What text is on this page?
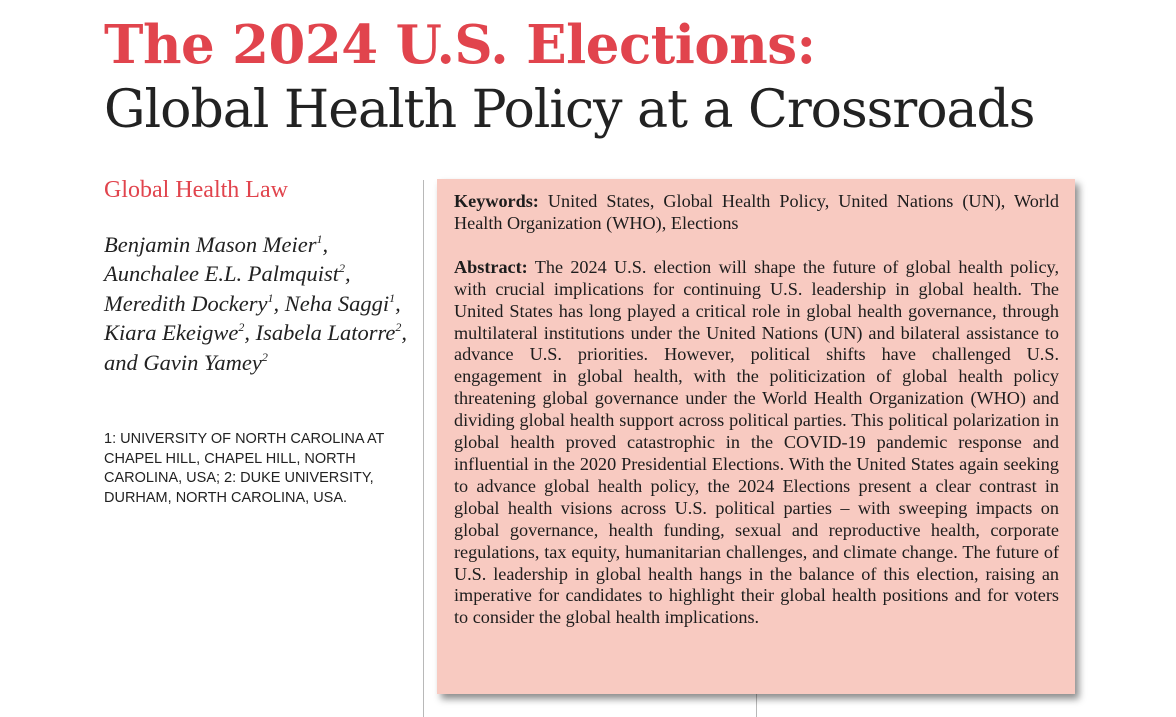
The 2024 U.S. Elections:
Global Health Policy at a Crossroads
Global Health Law

Benjamin Mason Meier$^1$, Aunchalee E.L. Palmquist$^2$, Meredith Dockery$^1$, Neha Saggi$^1$, Kiara Ekeigwe$^2$, Isabela Latorre$^2$, and Gavin Yamey$^2$

1: UNIVERSITY OF NORTH CAROLINA AT CHAPEL HILL, CHAPEL HILL, NORTH CAROLINA, USA; 2: DUKE UNIVERSITY, DURHAM, NORTH CAROLINA, USA.

Keywords: United States, Global Health Policy, United Nations (UN), World Health Organization (WHO), Elections

Abstract: The 2024 U.S. election will shape the future of global health policy, with crucial implications for continuing U.S. leadership in global health. The United States has long played a critical role in global health governance, through multilateral institutions under the United Nations (UN) and bilateral assistance to advance U.S. priorities. However, political shifts have challenged U.S. engagement in global health, with the politicization of global health policy threatening global governance under the World Health Organization (WHO) and dividing global health support across political parties. This political polarization in global health proved catastrophic in the COVID-19 pandemic response and influential in the 2020 Presidential Elections. With the United States again seeking to advance global health policy, the 2024 Elections present a clear contrast in global health visions across U.S. political parties – with sweeping impacts on global governance, health funding, sexual and reproductive health, corporate regulations, tax equity, humanitarian challenges, and climate change. The future of U.S. leadership in global health hangs in the balance of this election, raising an imperative for candidates to highlight their global health positions and for voters to consider the global health implications.
